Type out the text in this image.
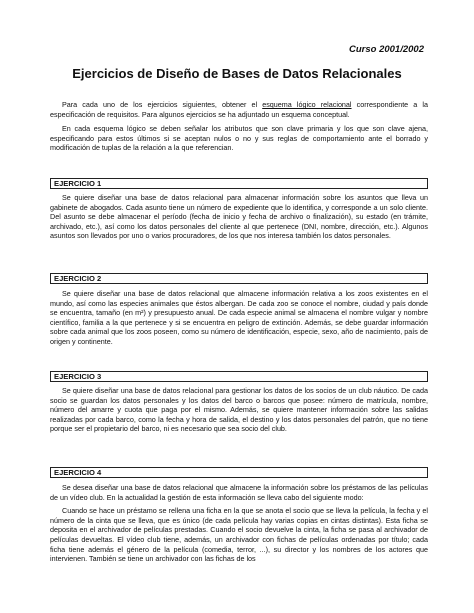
Curso 2001/2002
Ejercicios de Diseño de Bases de Datos Relacionales

Para cada uno de los ejercicios siguientes, obtener el esquema lógico relacional correspondiente a la especificación de requisitos. Para algunos ejercicios se ha adjuntado un esquema conceptual.

En cada esquema lógico se deben señalar los atributos que son clave primaria y los que son clave ajena, especificando para estos últimos si se aceptan nulos o no y sus reglas de comportamiento ante el borrado y modificación de tuplas de la relación a la que referencian.

EJERCICIO 1

Se quiere diseñar una base de datos relacional para almacenar información sobre los asuntos que lleva un gabinete de abogados. Cada asunto tiene un número de expediente que lo identifica, y corresponde a un solo cliente. Del asunto se debe almacenar el período (fecha de inicio y fecha de archivo o finalización), su estado (en trámite, archivado, etc.), así como los datos personales del cliente al que pertenece (DNI, nombre, dirección, etc.). Algunos asuntos son llevados por uno o varios procuradores, de los que nos interesa también los datos personales.

EJERCICIO 2

Se quiere diseñar una base de datos relacional que almacene información relativa a los zoos existentes en el mundo, así como las especies animales que éstos albergan. De cada zoo se conoce el nombre, ciudad y país donde se encuentra, tamaño (en m²) y presupuesto anual. De cada especie animal se almacena el nombre vulgar y nombre científico, familia a la que pertenece y si se encuentra en peligro de extinción. Además, se debe guardar información sobre cada animal que los zoos poseen, como su número de identificación, especie, sexo, año de nacimiento, país de origen y continente.

EJERCICIO 3

Se quiere diseñar una base de datos relacional para gestionar los datos de los socios de un club náutico. De cada socio se guardan los datos personales y los datos del barco o barcos que posee: número de matrícula, nombre, número del amarre y cuota que paga por el mismo. Además, se quiere mantener información sobre las salidas realizadas por cada barco, como la fecha y hora de salida, el destino y los datos personales del patrón, que no tiene porque ser el propietario del barco, ni es necesario que sea socio del club.

EJERCICIO 4

Se desea diseñar una base de datos relacional que almacene la información sobre los préstamos de las películas de un vídeo club. En la actualidad la gestión de esta información se lleva cabo del siguiente modo:

Cuando se hace un préstamo se rellena una ficha en la que se anota el socio que se lleva la película, la fecha y el número de la cinta que se lleva, que es único (de cada película hay varias copias en cintas distintas). Esta ficha se deposita en el archivador de películas prestadas. Cuando el socio devuelve la cinta, la ficha se pasa al archivador de películas devueltas. El vídeo club tiene, además, un archivador con fichas de películas ordenadas por título; cada ficha tiene además el género de la película (comedia, terror, ...), su director y los nombres de los actores que intervienen. También se tiene un archivador con las fichas de los
